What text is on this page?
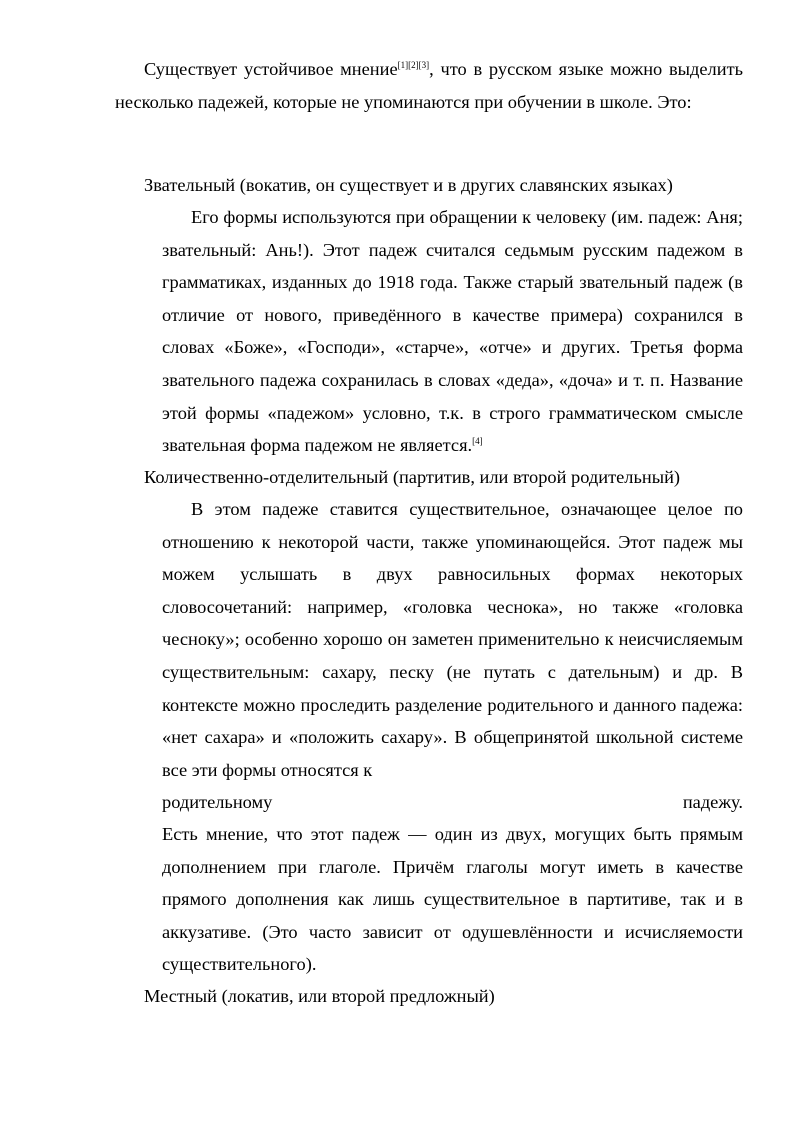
Существует устойчивое мнение[1][2][3], что в русском языке можно выделить несколько падежей, которые не упоминаются при обучении в школе. Это:

Звательный (вокатив, он существует и в других славянских языках)

Его формы используются при обращении к человеку (им. падеж: Аня; звательный: Ань!). Этот падеж считался седьмым русским падежом в грамматиках, изданных до 1918 года. Также старый звательный падеж (в отличие от нового, приведённого в качестве примера) сохранился в словах «Боже», «Господи», «старче», «отче» и других. Третья форма звательного падежа сохранилась в словах «деда», «доча» и т. п. Название этой формы «падежом» условно, т.к. в строго грамматическом смысле звательная форма падежом не является.[4]

Количественно-отделительный (партитив, или второй родительный)

В этом падеже ставится существительное, означающее целое по отношению к некоторой части, также упоминающейся. Этот падеж мы можем услышать в двух равносильных формах некоторых словосочетаний: например, «головка чеснока», но также «головка чесноку»; особенно хорошо он заметен применительно к неисчисляемым существительным: сахару, песку (не путать с дательным) и др. В контексте можно проследить разделение родительного и данного падежа: «нет сахара» и «положить сахару». В общепринятой школьной системе все эти формы относятся к

родительному	падежу.

Есть мнение, что этот падеж — один из двух, могущих быть прямым дополнением при глаголе. Причём глаголы могут иметь в качестве прямого дополнения как лишь существительное в партитиве, так и в аккузативе. (Это часто зависит от одушевлённости и исчисляемости существительного).

Местный (локатив, или второй предложный)
